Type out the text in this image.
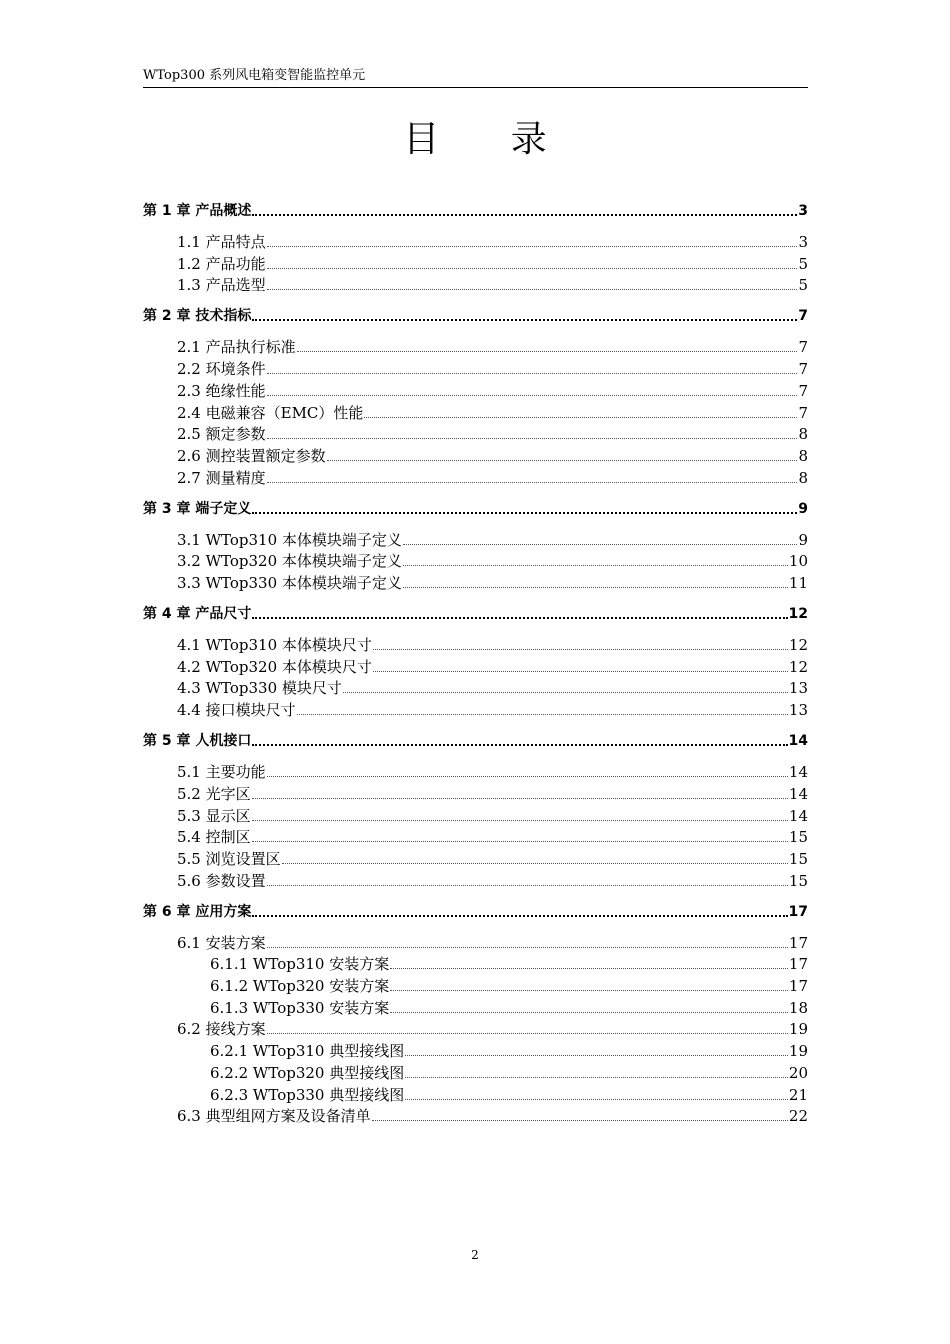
WTop300 系列风电箱变智能监控单元
目 录
第 1 章 产品概述	3
1.1 产品特点	3
1.2 产品功能	5
1.3 产品选型	5
第 2 章 技术指标	7
2.1 产品执行标准	7
2.2 环境条件	7
2.3 绝缘性能	7
2.4 电磁兼容（EMC）性能	7
2.5 额定参数	8
2.6 测控装置额定参数	8
2.7 测量精度	8
第 3 章 端子定义	9
3.1 WTop310 本体模块端子定义	9
3.2 WTop320 本体模块端子定义	10
3.3 WTop330 本体模块端子定义	11
第 4 章 产品尺寸	12
4.1 WTop310 本体模块尺寸	12
4.2 WTop320 本体模块尺寸	12
4.3 WTop330 模块尺寸	13
4.4 接口模块尺寸	13
第 5 章 人机接口	14
5.1 主要功能	14
5.2 光字区	14
5.3 显示区	14
5.4 控制区	15
5.5 浏览设置区	15
5.6 参数设置	15
第 6 章 应用方案	17
6.1 安装方案	17
6.1.1 WTop310 安装方案	17
6.1.2 WTop320 安装方案	17
6.1.3 WTop330 安装方案	18
6.2 接线方案	19
6.2.1 WTop310 典型接线图	19
6.2.2 WTop320 典型接线图	20
6.2.3 WTop330 典型接线图	21
6.3 典型组网方案及设备清单	22
2
